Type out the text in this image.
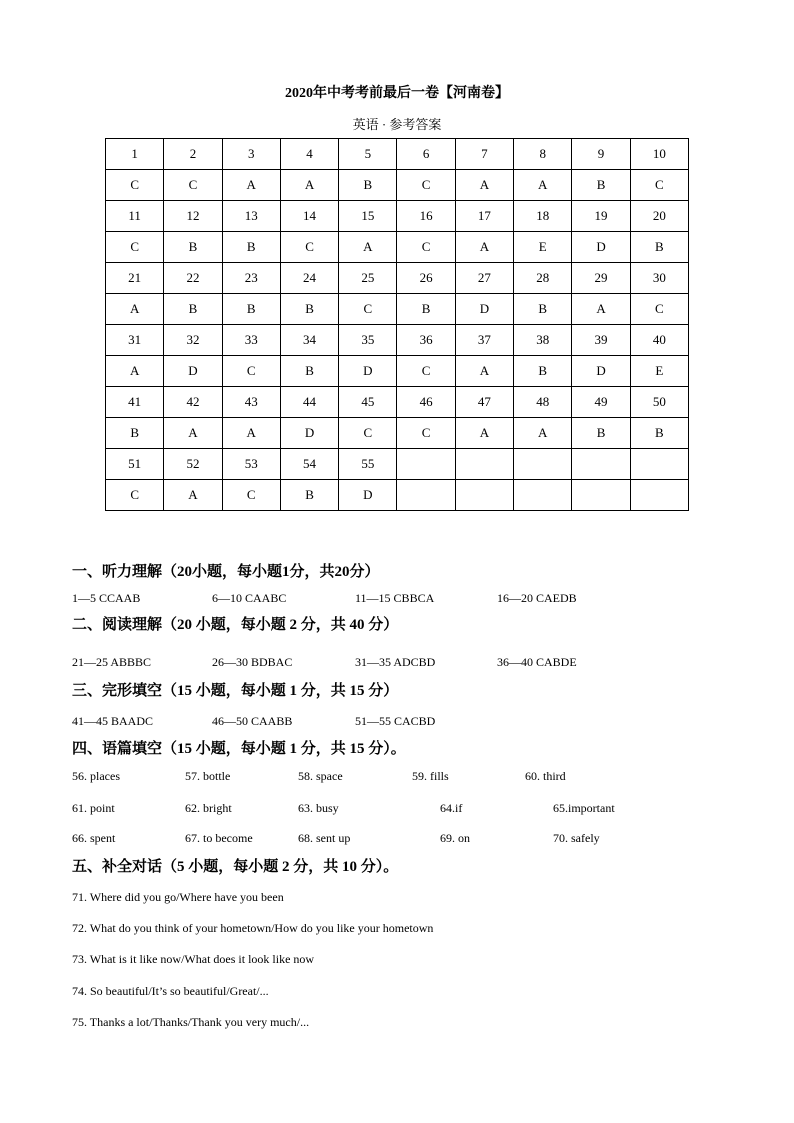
2020年中考考前最后一卷【河南卷】
英语 · 参考答案
1	2	3	4	5	6	7	8	9	10
C	C	A	A	B	C	A	A	B	C
11	12	13	14	15	16	17	18	19	20
C	B	B	C	A	C	A	E	D	B
21	22	23	24	25	26	27	28	29	30
A	B	B	B	C	B	D	B	A	C
31	32	33	34	35	36	37	38	39	40
A	D	C	B	D	C	A	B	D	E
41	42	43	44	45	46	47	48	49	50
B	A	A	D	C	C	A	A	B	B
51	52	53	54	55					
C	A	C	B	D					
一、听力理解（20小题，每小题1分，共20分）
1—5 CCAAB	6—10 CAABC	11—15 CBBCA	16—20 CAEDB
二、阅读理解（20 小题，每小题 2 分，共 40 分）
21—25 ABBBC	26—30 BDBAC	31—35 ADCBD	36—40 CABDE
三、完形填空（15 小题，每小题 1 分，共 15 分）
41—45 BAADC	46—50 CAABB	51—55 CACBD
四、语篇填空（15 小题，每小题 1 分，共 15 分）。
56. places	57. bottle	58. space	59. fills	60. third
61. point	62. bright	63. busy	64.if	65.important
66. spent	67. to become	68. sent up	69. on	70. safely
五、补全对话（5 小题，每小题 2 分，共 10 分）。
71. Where did you go/Where have you been
72. What do you think of your hometown/How do you like your hometown
73. What is it like now/What does it look like now
74. So beautiful/It’s so beautiful/Great/...
75. Thanks a lot/Thanks/Thank you very much/...
